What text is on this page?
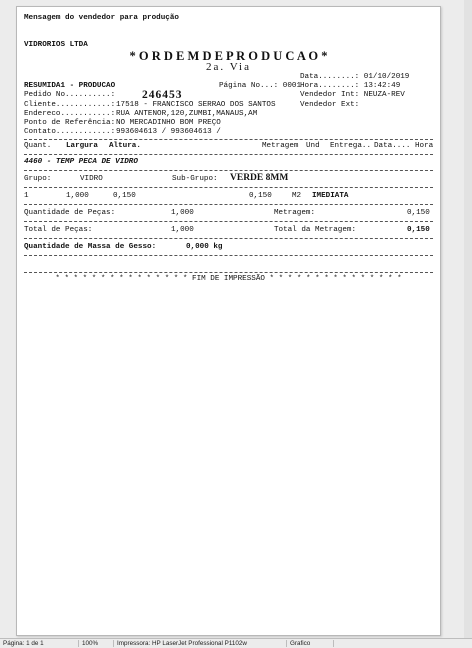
Mensagem do vendedor para produção
VIDRORIOS LTDA
* O R D E M D E P R O D U C A O *
2a. Via
Data........: 01/10/2019
RESUMIDA1 - PRODUCAO	Página No...: 0001
Hora........: 13:42:49
Pedido No..........: 246453	Vendedor Int: NEUZA-REV
Cliente............: 17518 - FRANCISCO SERRAO DOS SANTOS	Vendedor Ext:
Endereco...........: RUA ANTENOR,120,ZUMBI,MANAUS,AM
Ponto de Referência: NO MERCADINHO BOM PREÇO
Contato............: 993604613 / 993604613 /
Quant. Largura Altura.	Metragem Und Entrega.. Data.... Hora
4460 - TEMP PECA DE VIDRO
Grupo:	VIDRO	Sub-Grupo: VERDE 8MM
1	1,000	0,150	0,150	M2 IMEDIATA
Quantidade de Peças:	1,000	Metragem:	0,150
Total de Peças:	1,000	Total da Metragem:	0,150
Quantidade de Massa de Gesso:	0,000 kg
* * * * * * * * * * * * * * * FIM DE IMPRESSÃO * * * * * * * * * * * * * * *
Página: 1 de 1	100%	Impressora: HP LaserJet Professional P1102w	Grafico
